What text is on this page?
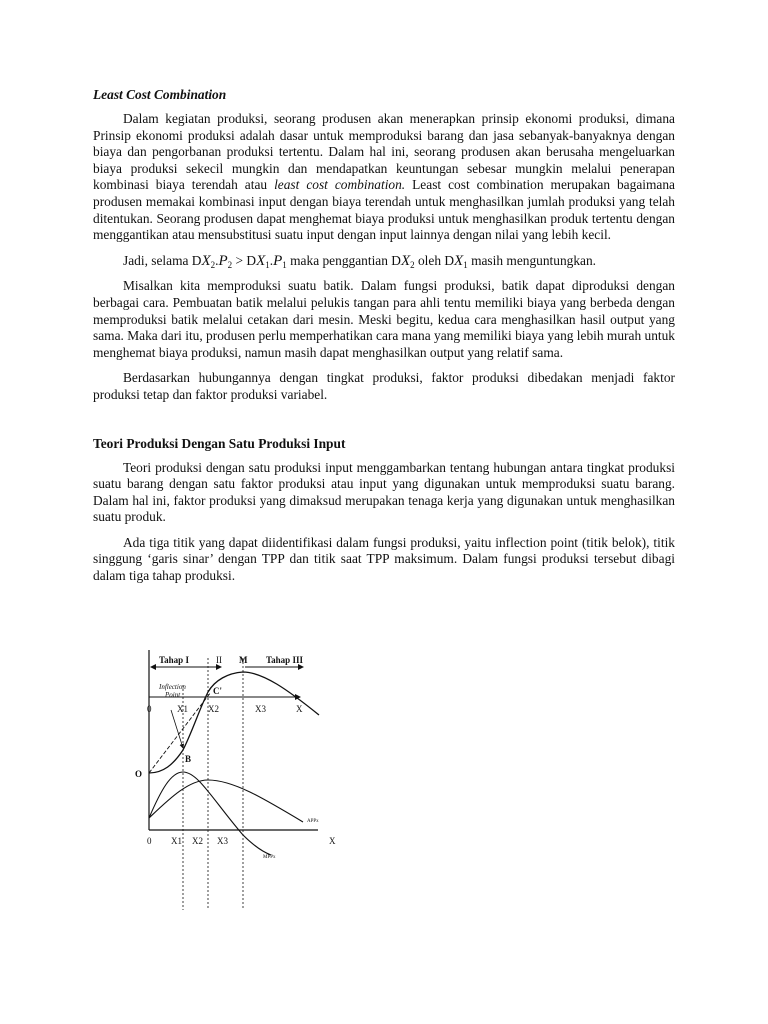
Least Cost Combination

Dalam kegiatan produksi, seorang produsen akan menerapkan prinsip ekonomi produksi, dimana Prinsip ekonomi produksi adalah dasar untuk memproduksi barang dan jasa sebanyak-banyaknya dengan biaya dan pengorbanan produksi tertentu. Dalam hal ini, seorang produsen akan berusaha mengeluarkan biaya produksi sekecil mungkin dan mendapatkan keuntungan sebesar mungkin melalui penerapan kombinasi biaya terendah atau least cost combination. Least cost combination merupakan bagaimana produsen memakai kombinasi input dengan biaya terendah untuk menghasilkan jumlah produksi yang telah ditentukan. Seorang produsen dapat menghemat biaya produksi untuk menghasilkan produk tertentu dengan menggantikan atau mensubstitusi suatu input dengan input lainnya dengan nilai yang lebih kecil.

Jadi, selama $DX_2.P_2 > DX_1.P_1$ maka penggantian $DX_2$ oleh $DX_1$ masih menguntungkan.

Misalkan kita memproduksi suatu batik. Dalam fungsi produksi, batik dapat diproduksi dengan berbagai cara. Pembuatan batik melalui pelukis tangan para ahli tentu memiliki biaya yang berbeda dengan memproduksi batik melalui cetakan dari mesin. Meski begitu, kedua cara menghasilkan hasil output yang sama. Maka dari itu, produsen perlu memperhatikan cara mana yang memiliki biaya yang lebih murah untuk menghemat biaya produksi, namun masih dapat menghasilkan output yang relatif sama.

Berdasarkan hubungannya dengan tingkat produksi, faktor produksi dibedakan menjadi faktor produksi tetap dan faktor produksi variabel.

Teori Produksi Dengan Satu Produksi Input

Teori produksi dengan satu produksi input menggambarkan tentang hubungan antara tingkat produksi suatu barang dengan satu faktor produksi atau input yang digunakan untuk memproduksi suatu barang. Dalam hal ini, faktor produksi yang dimaksud merupakan tenaga kerja yang digunakan untuk menghasilkan suatu produk.

Ada tiga titik yang dapat diidentifikasi dalam fungsi produksi, yaitu inflection point (titik belok), titik singgung ‘garis sinar’ dengan TPP dan titik saat TPP maksimum. Dalam fungsi produksi tersebut dibagi dalam tiga tahap produksi.

Tahap I	II M Tahap III
Inflection
Point	C'
B
O
0	X1 X2	X3	X
0 X1 X2 X3	X
APPx
MPPx
